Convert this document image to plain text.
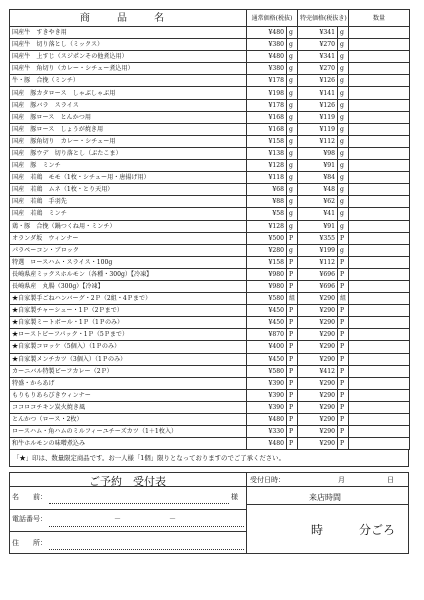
商 品 名	通常価格(税抜)		特売価格(税抜き)		数量
国産牛　すきやき用	¥480	g	¥341	g	
国産牛　切り落とし（ミックス）	¥380	g	¥270	g	
国産牛　上すじ（スジポンその他煮込用）	¥480	g	¥341	g	
国産牛　角切り（カレー・シチュー煮込用）	¥380	g	¥270	g	
牛・豚　合挽（ミンチ）	¥178	g	¥126	g	
国産　豚カタロース　しゃぶしゃぶ用	¥198	g	¥141	g	
国産　豚バラ　スライス	¥178	g	¥126	g	
国産　豚ロース　とんかつ用	¥168	g	¥119	g	
国産　豚ロース　しょうが焼き用	¥168	g	¥119	g	
国産　豚角切り　カレー・シチュー用	¥158	g	¥112	g	
国産　豚ウデ　切り落とし（ぶたこま）	¥138	g	¥98	g	
国産　豚　ミンチ	¥128	g	¥91	g	
国産　若鶏　モモ（1枚・シチュー用・唐揚げ用）	¥118	g	¥84	g	
国産　若鶏　ムネ（1枚・とり天用）	¥68	g	¥48	g	
国産　若鶏　手羽先	¥88	g	¥62	g	
国産　若鶏　ミンチ	¥58	g	¥41	g	
鶏・豚　合挽（鍋つくね用・ミンチ）	¥128	g	¥91	g	
オランダ坂　ウィンナー	¥500	P	¥355	P	
パラペーコン・ブロック	¥280	g	¥199	g	
特選　ロースハム・スライス・100g	¥158	P	¥112	P	
長崎県産ミックスホルモン（各種・300g）【冷凍】	¥980	P	¥696	P	
長崎県産　丸腸（300g）【冷凍】	¥980	P	¥696	P	
★自家製手ごねハンバーグ・2Ｐ（2組・4Ｐまで）	¥580	組	¥290	組	
★自家製チャーシュー・1Ｐ（2Ｐまで）	¥450	P	¥290	P	
★自家製ミートボール・1Ｐ（1Ｐのみ）	¥450	P	¥290	P	
★ローストビーフパック・1Ｐ（5Ｐまで）	¥870	P	¥290	P	
★自家製コロッケ（5個入）（1Ｐのみ）	¥400	P	¥290	P	
★自家製メンチカツ（3個入）（1Ｐのみ）	¥450	P	¥290	P	
カーニバル特製ビーフカレー（2Ｐ）	¥580	P	¥412	P	
特盛・からあげ	¥390	P	¥290	P	
もりもりあらびきウィンナー	¥390	P	¥290	P	
ココロコチキン炭火焼き風	¥390	P	¥290	P	
とんかつ（ロース・2枚）	¥480	P	¥290	P	
ロースハム・角ハムのミルフィーユチーズカツ（1＋1枚入）	¥330	P	¥290	P	
和牛ホルモンの味噌煮込み	¥480	P	¥290	P	
「★」印は、数量限定商品です。お一人様「1個」限りとなっておりますのでご了承ください。
ご予約　受付表
名　　前：	様
電話番号：	－	－
住　　所：
受付日時：	月	日
来店時間
時	分ごろ
